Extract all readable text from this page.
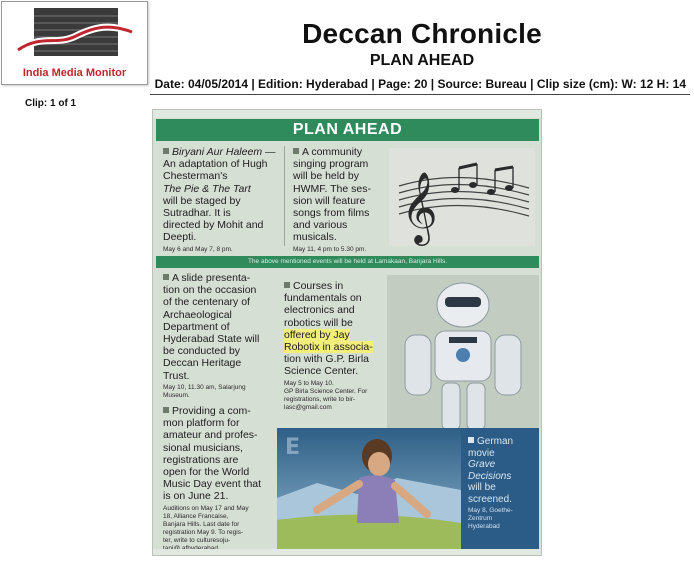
India Media Monitor
Deccan Chronicle
PLAN AHEAD
Date: 04/05/2014 | Edition: Hyderabad | Page: 20 | Source: Bureau | Clip size (cm): W: 12 H: 14
Clip: 1 of 1
PLAN AHEAD
Biryani Aur Haleem —
An adaptation of Hugh
Chesterman's
The Pie & The Tart
will be staged by
Sutradhar. It is
directed by Mohit and
Deepti.
May 6 and May 7, 8 pm.
A community
singing program
will be held by
HWMF. The ses-
sion will feature
songs from films
and various
musicals.
May 11, 4 pm to 5.30 pm.
𝄞
The above mentioned events will be held at Lamakaan, Banjara Hills.
A slide presenta-
tion on the occasion
of the centenary of
Archaeological
Department of
Hyderabad State will
be conducted by
Deccan Heritage
Trust.
May 10, 11.30 am, Salarjung
Museum.
Courses in
fundamentals on
electronics and
robotics will be
offered by Jay
Robotix in associa-
tion with G.P. Birla
Science Center.
May 5 to May 10.
GP Birla Science Center. For
registrations, write to bir-
lasc@gmail.com
Providing a com-
mon platform for
amateur and profes-
sional musicians,
registrations are
open for the World
Music Day event that
is on June 21.
Auditions on May 17 and May
18, Alliance Francaise,
Banjara Hills. Last date for
registration May 9. To regis-
ter, write to culturesoju-
E	German
movie
Grave
Decisions
will be
screened.
May 8, Goethe-
Zentrum
Hyderabad
